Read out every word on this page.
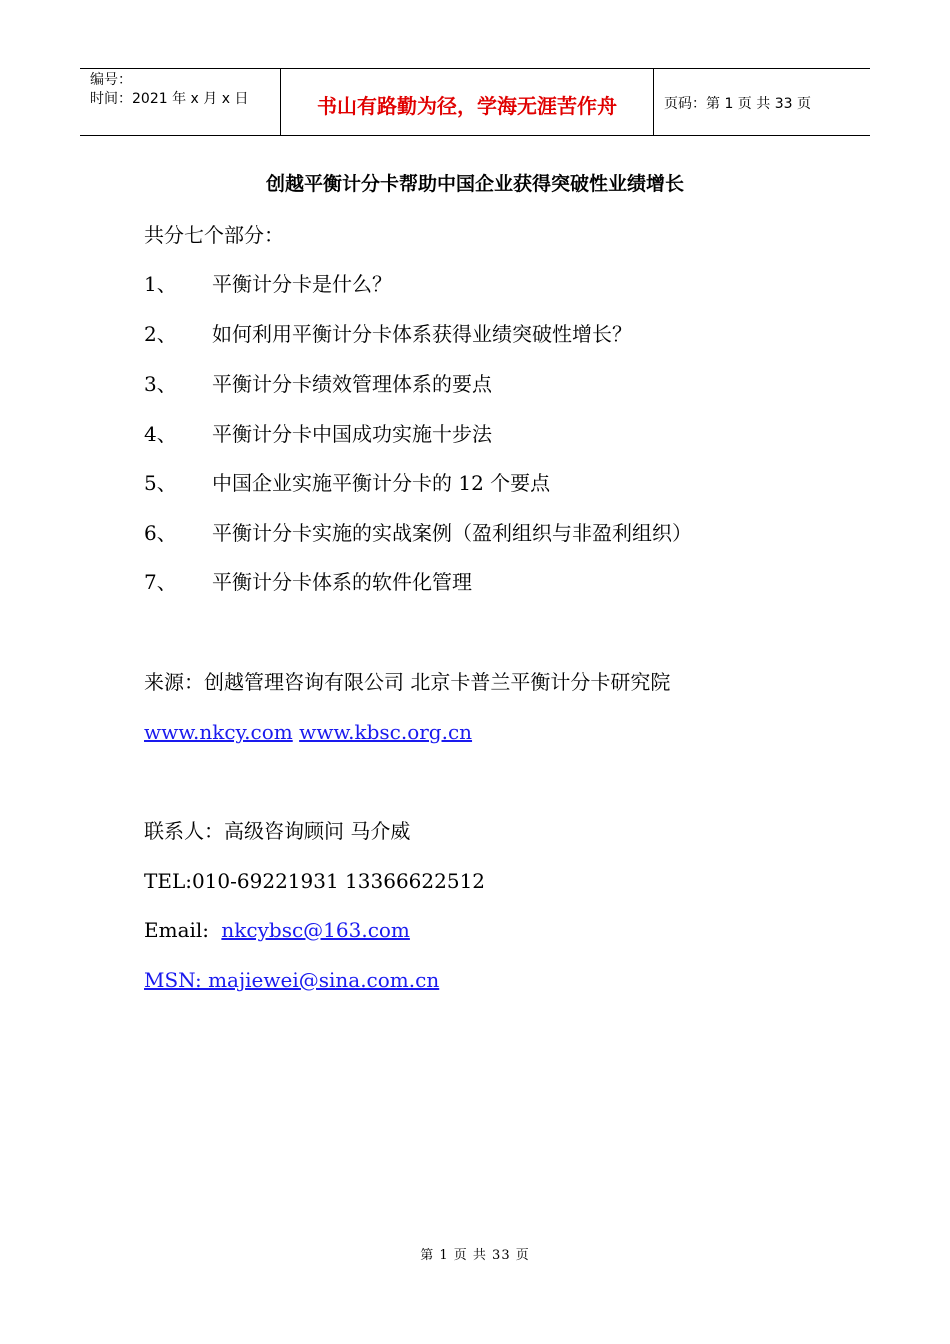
编号：
时间：2021 年 x 月 x 日	书山有路勤为径，学海无涯苦作舟	页码：第 1 页 共 33 页
创越平衡计分卡帮助中国企业获得突破性业绩增长
共分七个部分：
1、 平衡计分卡是什么？
2、 如何利用平衡计分卡体系获得业绩突破性增长？
3、 平衡计分卡绩效管理体系的要点
4、 平衡计分卡中国成功实施十步法
5、 中国企业实施平衡计分卡的 12 个要点
6、 平衡计分卡实施的实战案例（盈利组织与非盈利组织）
7、 平衡计分卡体系的软件化管理
来源：创越管理咨询有限公司 北京卡普兰平衡计分卡研究院
www.nkcy.com www.kbsc.org.cn
联系人：高级咨询顾问 马介威
TEL:010-69221931 13366622512
Email: nkcybsc@163.com
MSN: majiewei@sina.com.cn
第 1 页 共 33 页
